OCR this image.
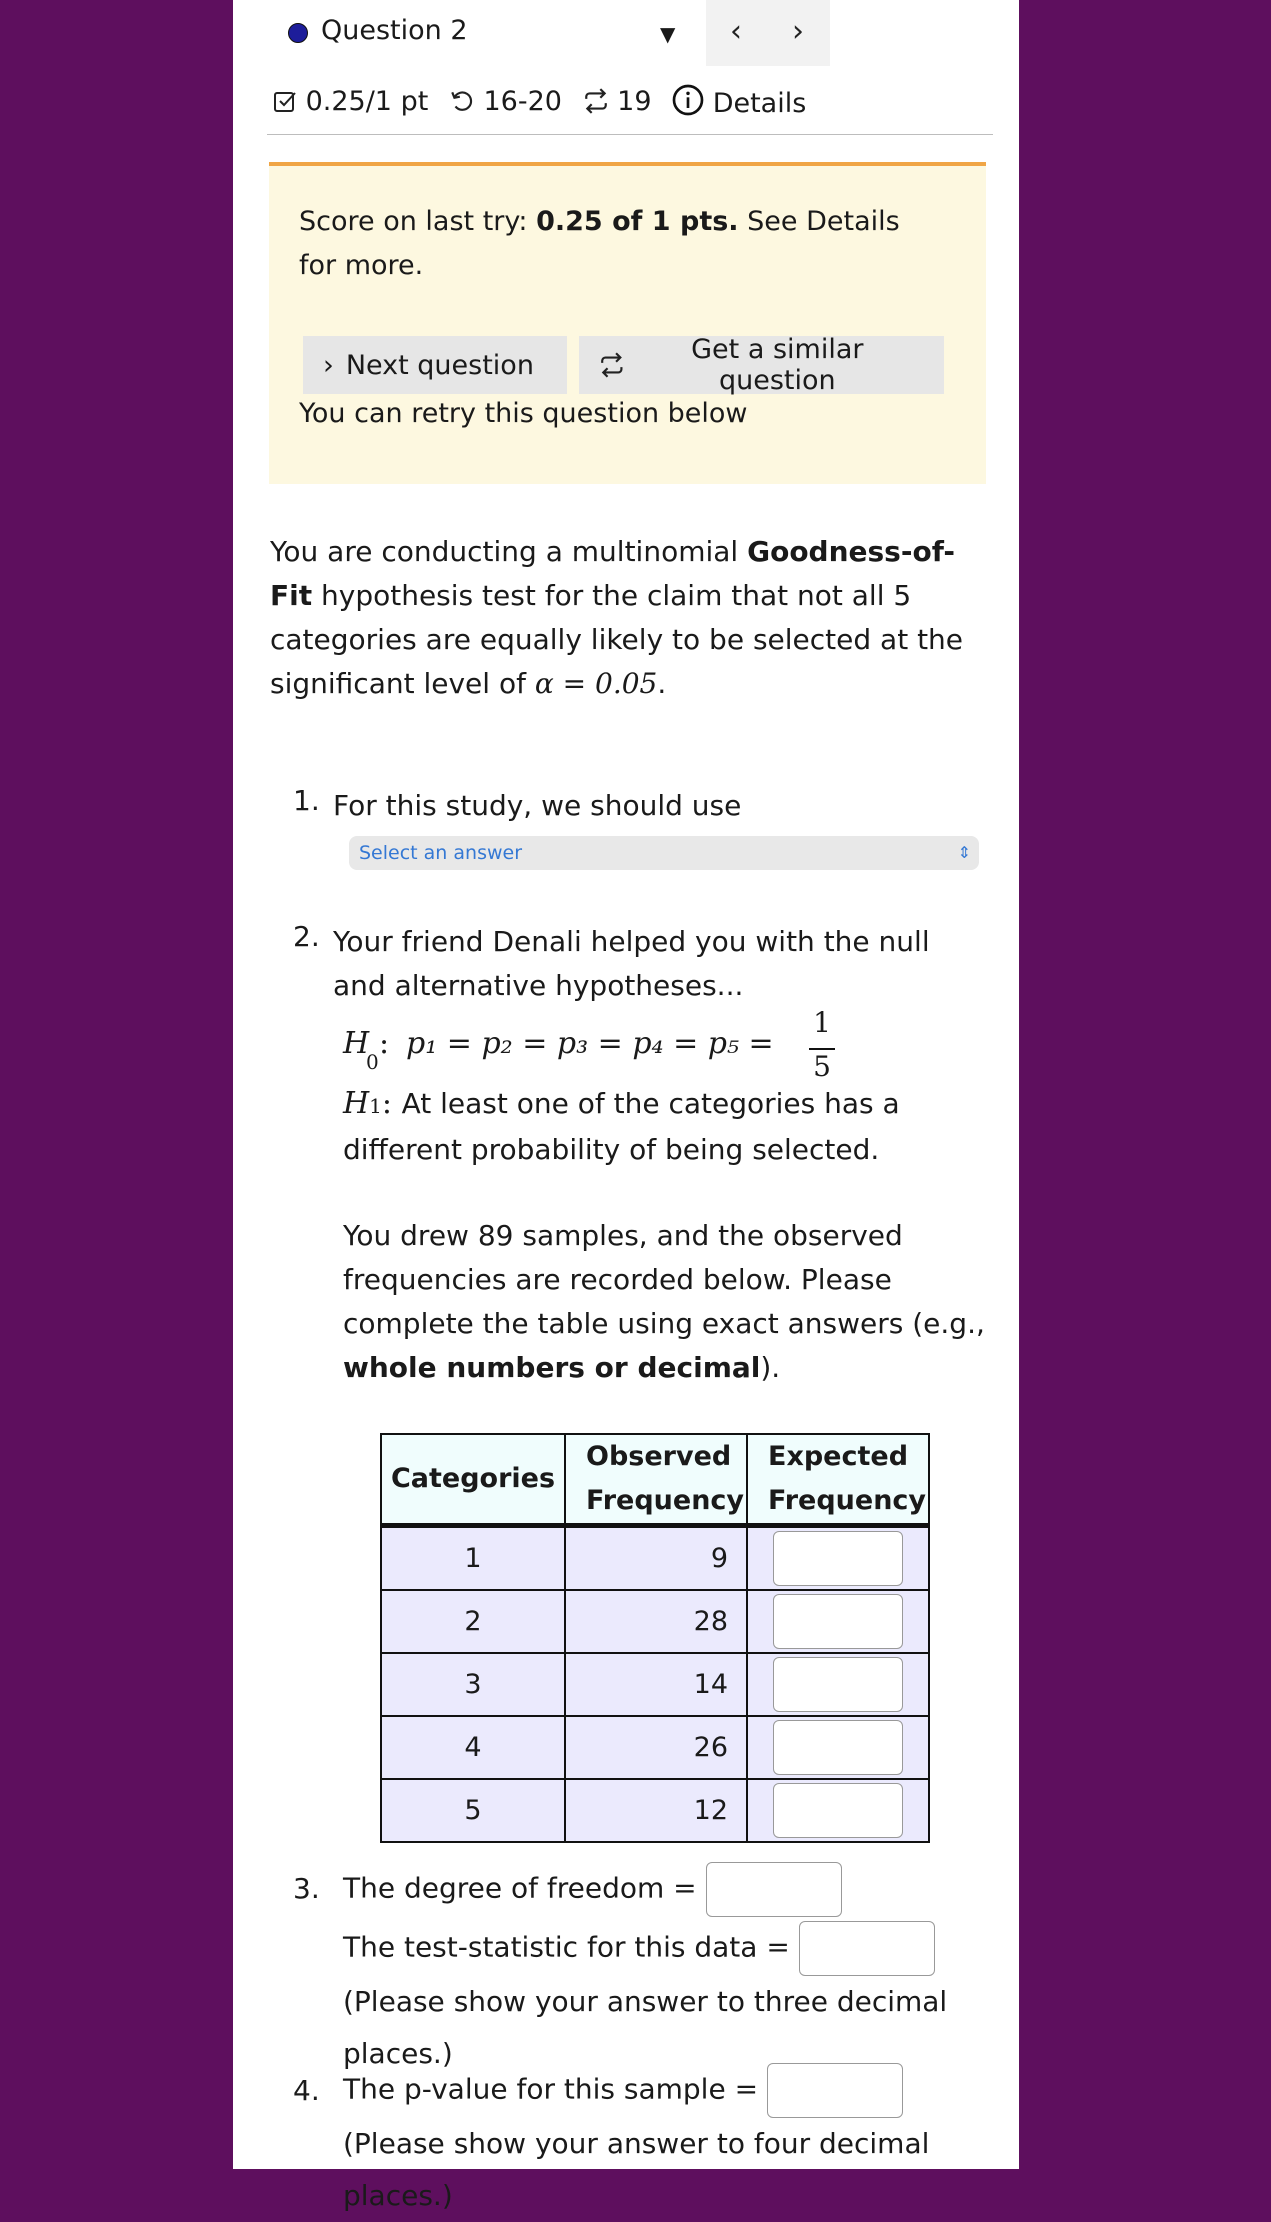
Question 2	▼ ‹ ›
0.25/1 pt 16-20 19 Details
Score on last try: 0.25 of 1 pts. See Details for more.
› Next question	Get a similar question
You can retry this question below
You are conducting a multinomial Goodness-of-Fit hypothesis test for the claim that not all 5 categories are equally likely to be selected at the significant level of α = 0.05.
1. For this study, we should use
Select an answer	⇕
2. Your friend Denali helped you with the null and alternative hypotheses...
H
0
: p₁ = p₂ = p₃ = p₄ = p₅ =
1
5
H1: At least one of the categories has a different probability of being selected.
You drew 89 samples, and the observed frequencies are recorded below. Please complete the table using exact answers (e.g., whole numbers or decimal).
Categories	Observed Frequency	Expected Frequency
1	9	
2	28	
3	14	
4	26	
5	12	
3. The degree of freedom =
The test-statistic for this data =  (Please show your answer to three decimal places.)
4. The p-value for this sample =  (Please show your answer to four decimal places.)
